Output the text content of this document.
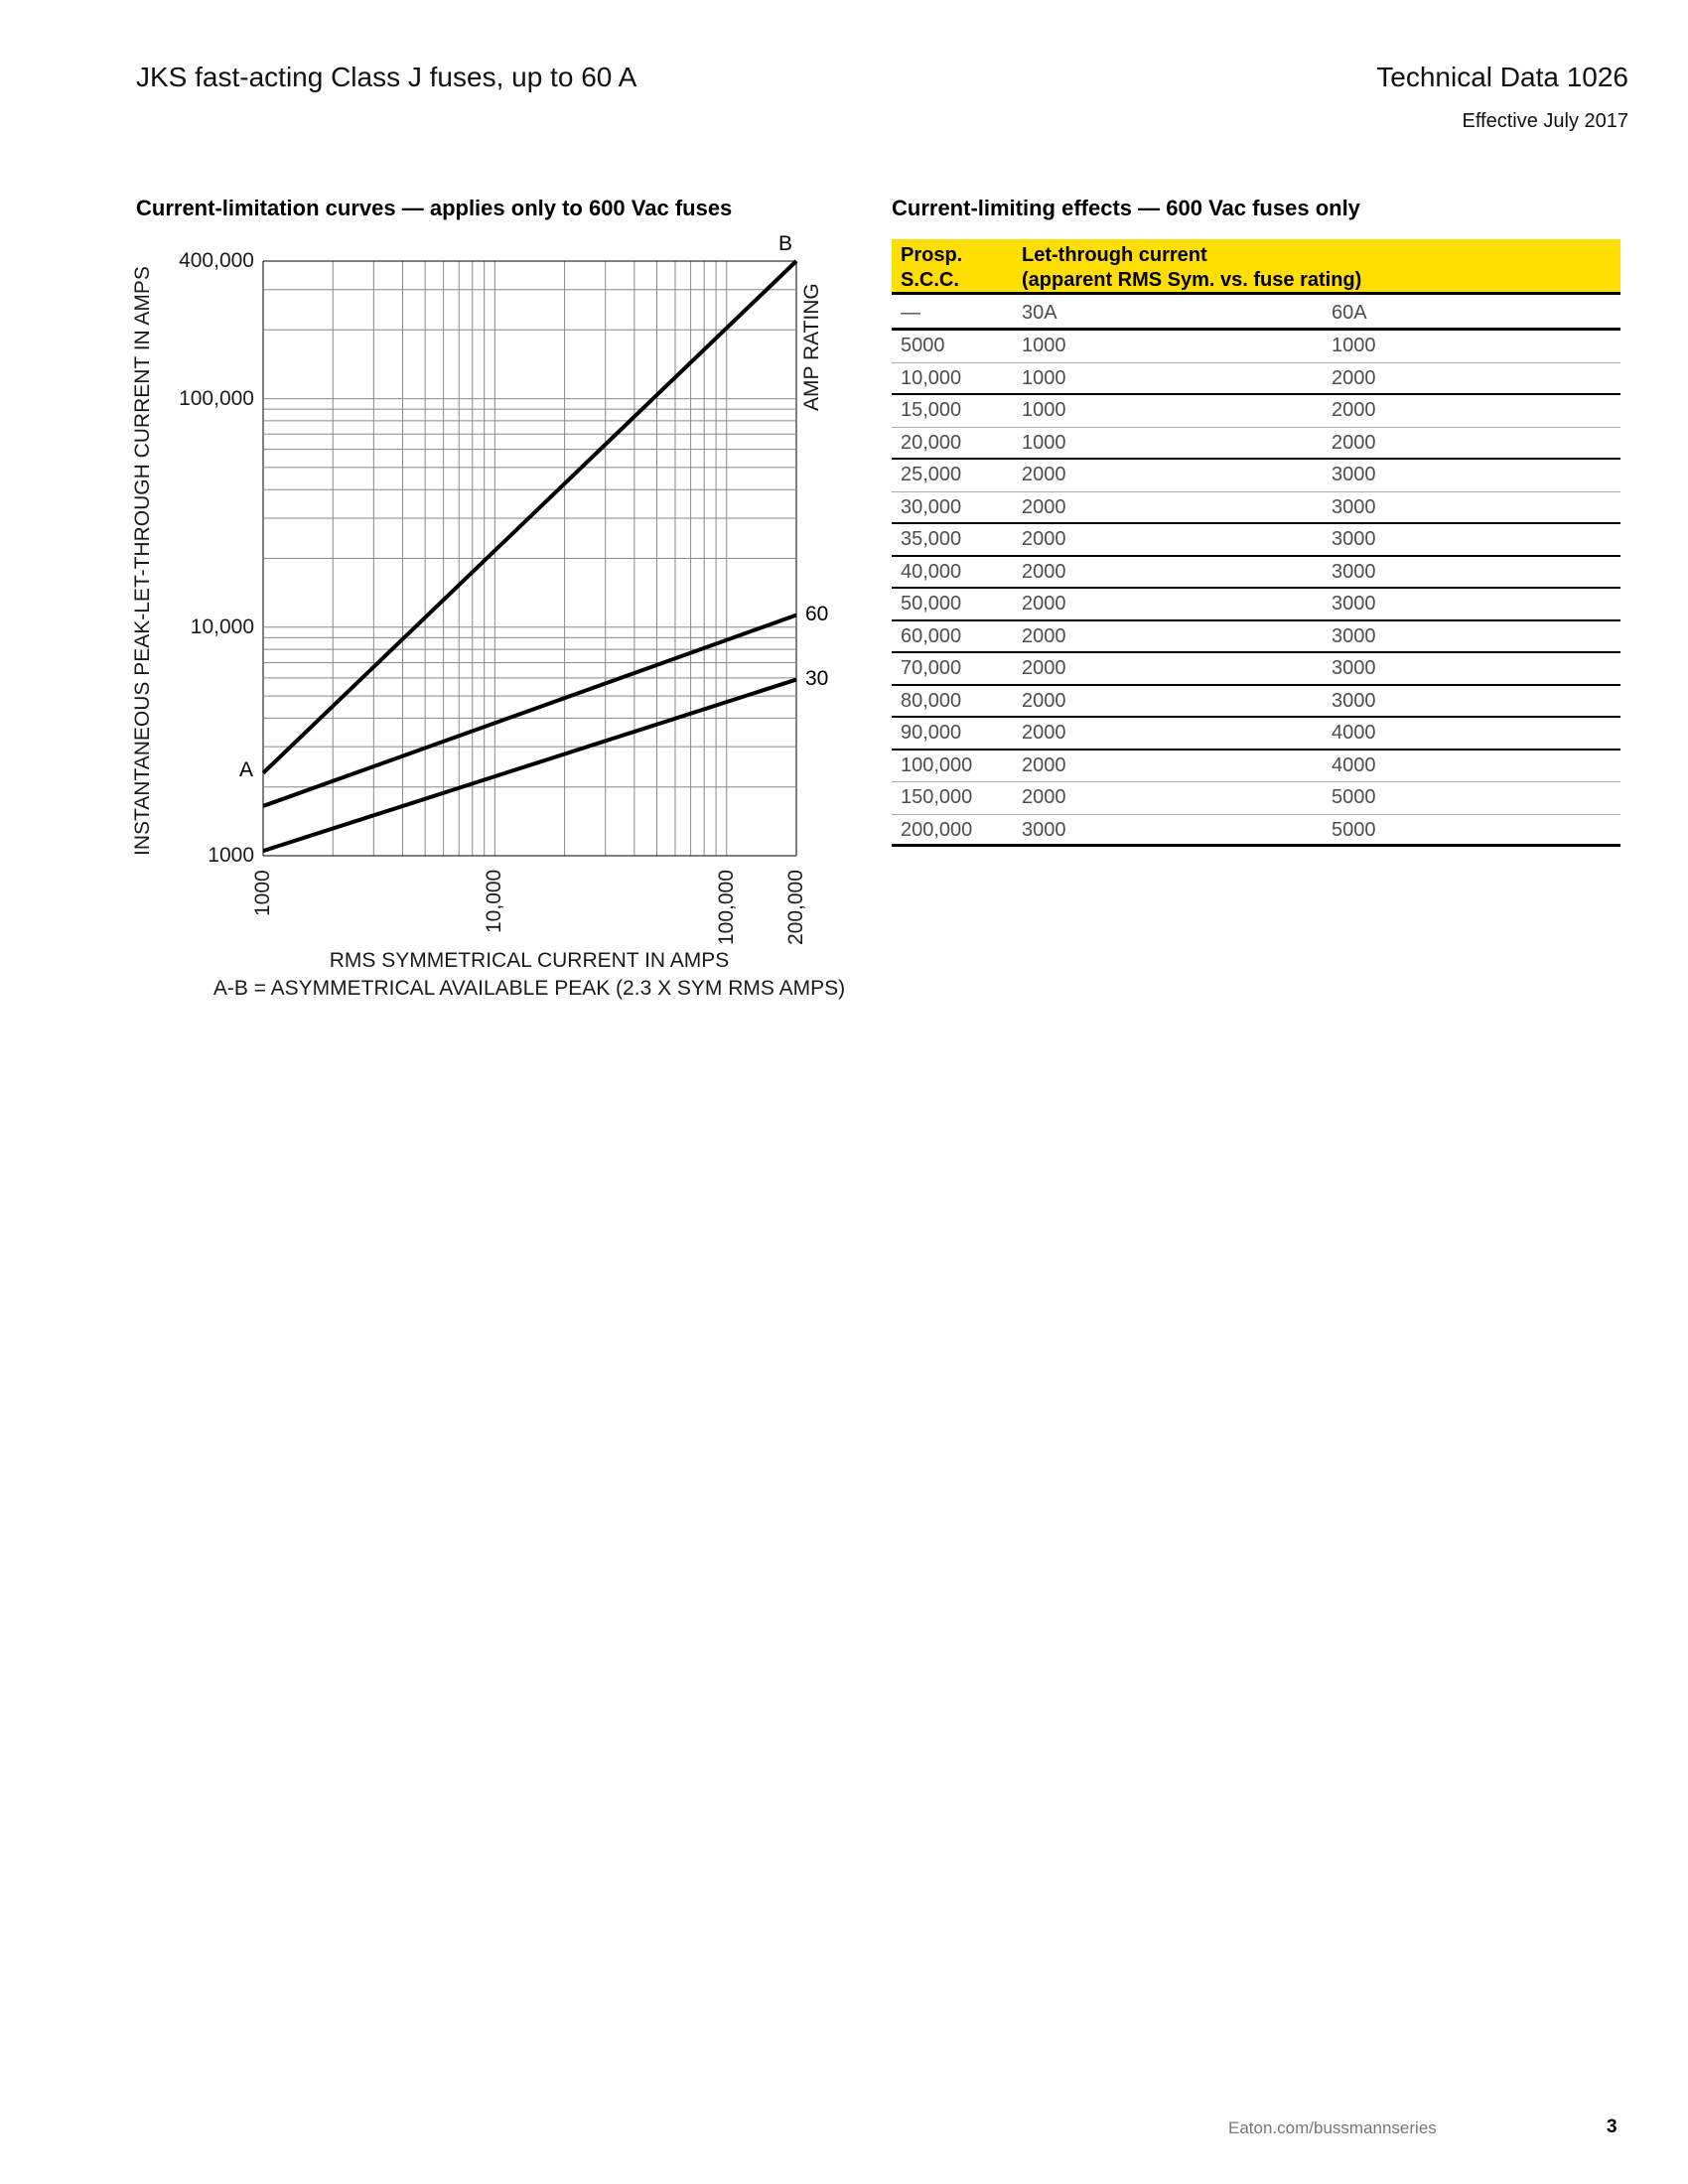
JKS fast-acting Class J fuses, up to 60 A	Technical Data 1026
Effective July 2017
Current-limitation curves — applies only to 600 Vac fuses
A
B
60
30
1000
10,000
100,000
400,000
1000	10,000	100,000 200,000
INSTANTANEOUS PEAK-LET-THROUGH CURRENT IN AMPS	AMP RATING
RMS SYMMETRICAL CURRENT IN AMPS
A-B = ASYMMETRICAL AVAILABLE PEAK (2.3 X SYM RMS AMPS)
Current-limiting effects — 600 Vac fuses only
Prosp.
S.C.C.
Let-through current
(apparent RMS Sym. vs. fuse rating)
—	30A	60A
5000	1000	1000
10,000	1000	2000
15,000	1000	2000
20,000	1000	2000
25,000	2000	3000
30,000	2000	3000
35,000	2000	3000
40,000	2000	3000
50,000	2000	3000
60,000	2000	3000
70,000	2000	3000
80,000	2000	3000
90,000	2000	4000
100,000	2000	4000
150,000	2000	5000
200,000	3000	5000
Eaton.com/bussmannseries	3
